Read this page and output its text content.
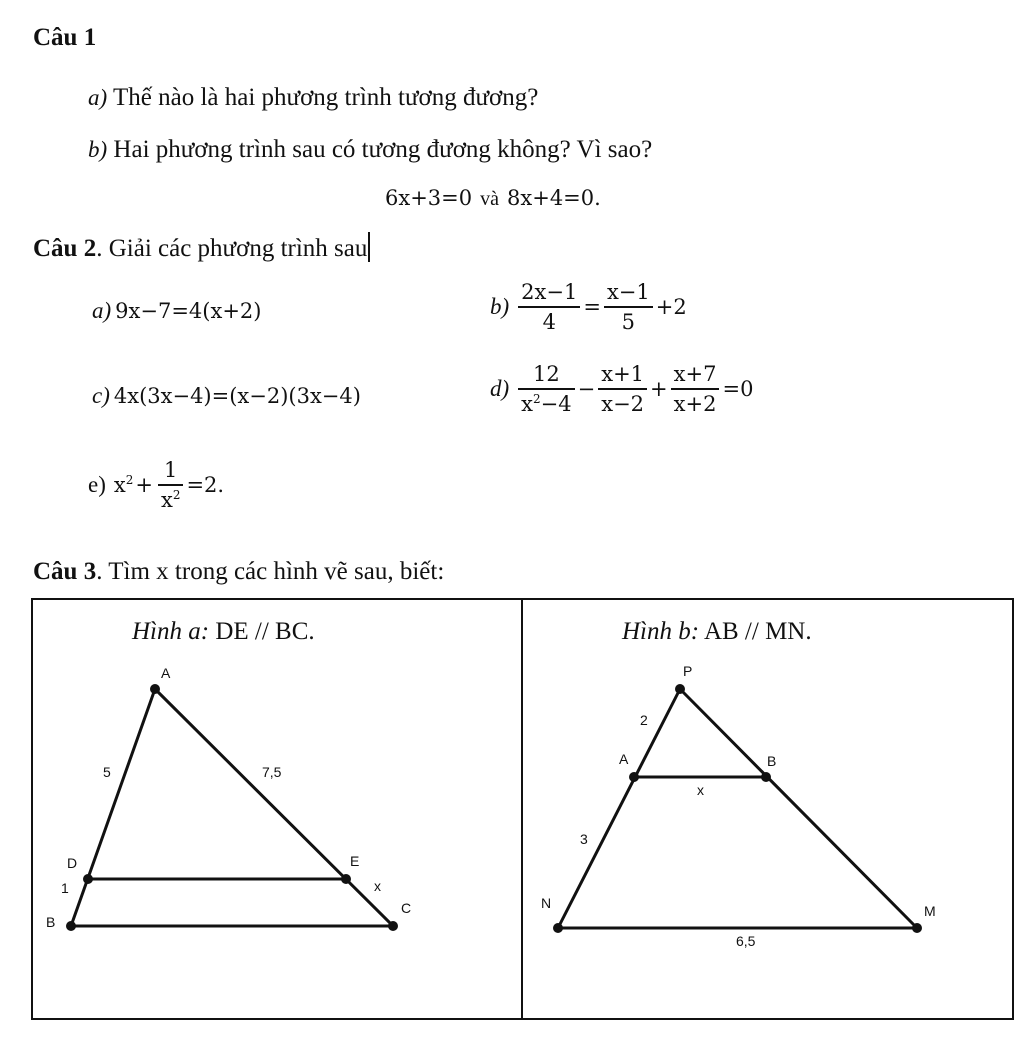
Câu 1
a) Thế nào là hai phương trình tương đương?
b) Hai phương trình sau có tương đương không? Vì sao?
6x+3=0 và 8x+4=0.
Câu 2. Giải các phương trình sau
a) 9x−7=4(x+2)	$b) \frac{2x-1}{4} = \frac{x-1}{5} +2$
c) 4x(3x−4)=(x−2)(3x−4)	$d) \frac{12}{x^2-4} - \frac{x+1}{x-2} + \frac{x+7}{x+2} =0$
e) $x^2 + \frac{1}{x^2} =2$.
Câu 3. Tìm x trong các hình vẽ sau, biết:
Hình a: DE // BC.	Hình b: AB // MN.
A
B
C
D	E
5
1
7,5
x
P
N	M
A	B
2
3
x
6,5
